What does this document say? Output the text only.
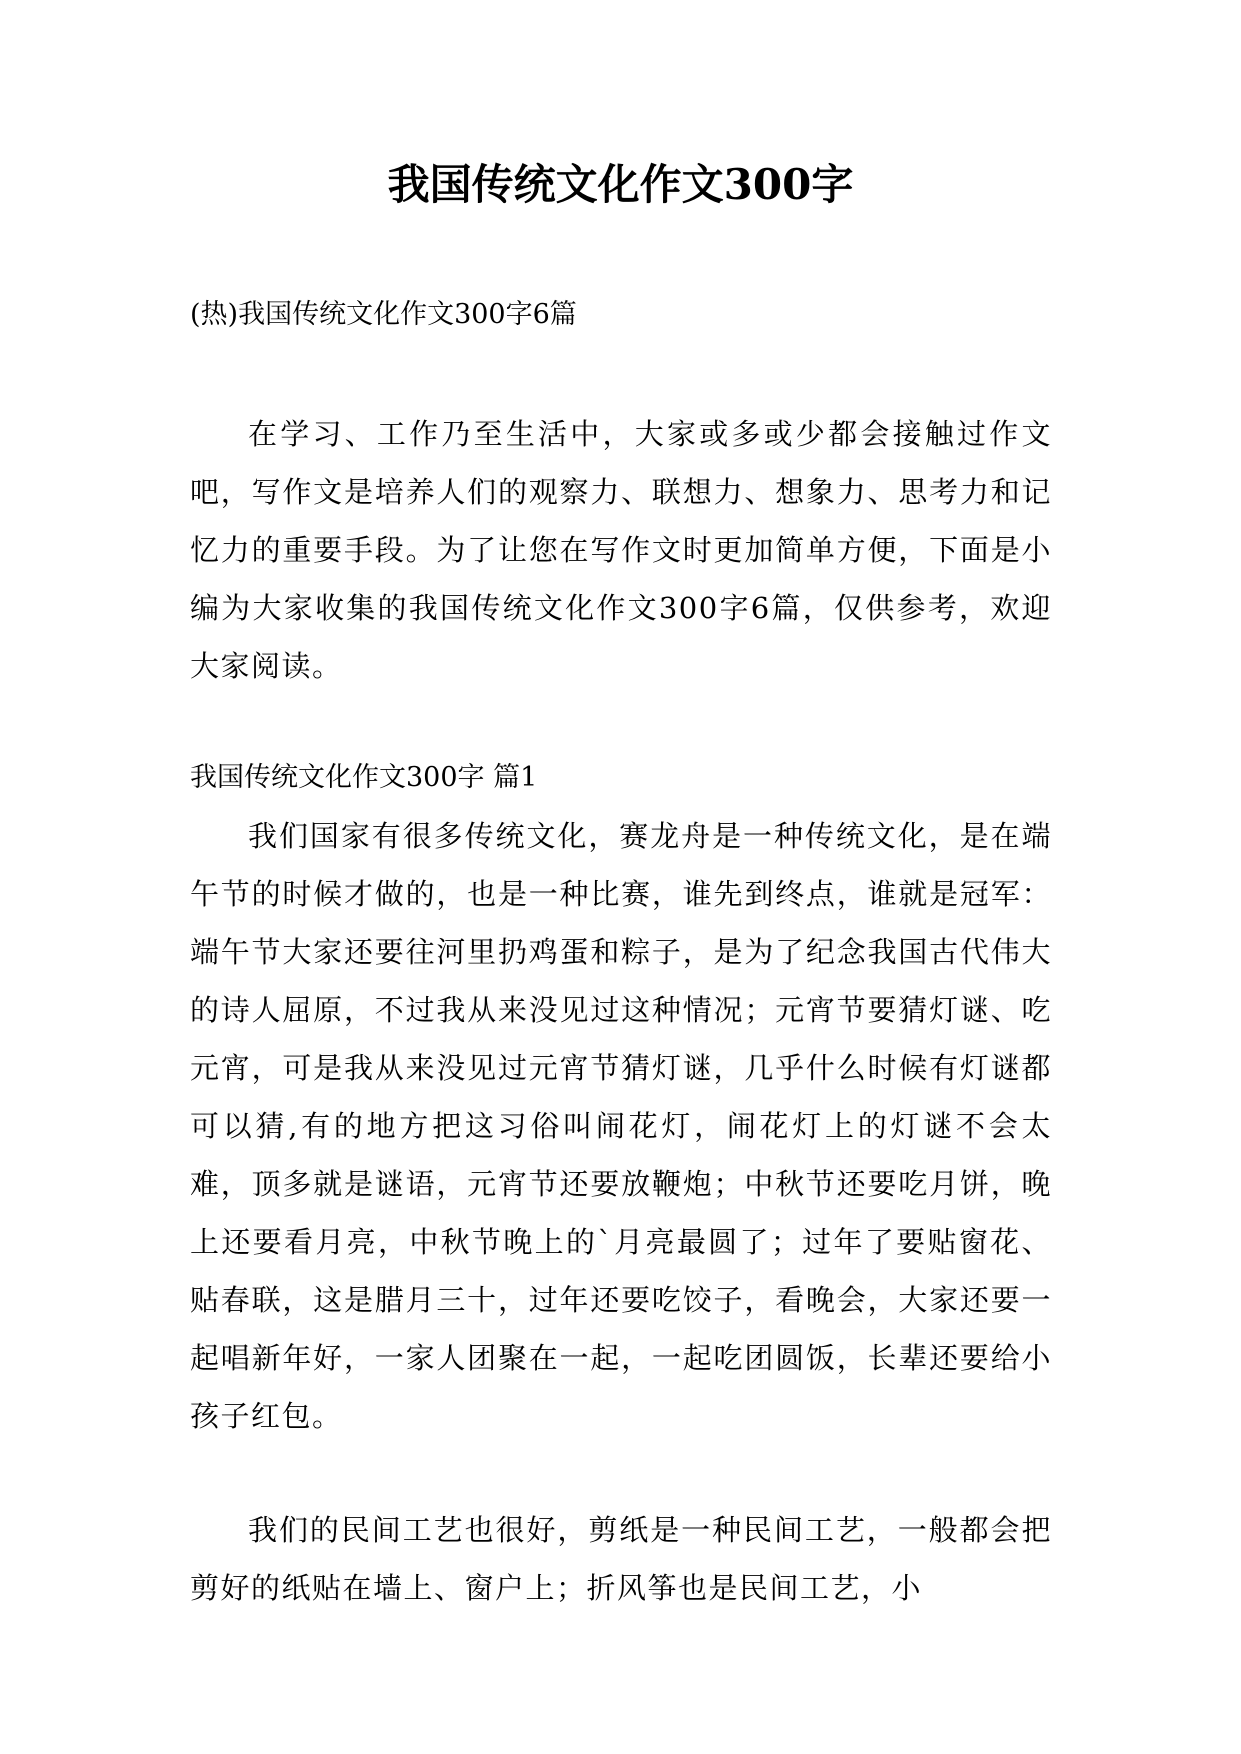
我国传统文化作文300字

(热)我国传统文化作文300字6篇

在学习、工作乃至生活中，大家或多或少都会接触过作文吧，写作文是培养人们的观察力、联想力、想象力、思考力和记忆力的重要手段。为了让您在写作文时更加简单方便，下面是小编为大家收集的我国传统文化作文300字6篇，仅供参考，欢迎大家阅读。

我国传统文化作文300字 篇1

我们国家有很多传统文化，赛龙舟是一种传统文化，是在端午节的时候才做的，也是一种比赛，谁先到终点，谁就是冠军：端午节大家还要往河里扔鸡蛋和粽子，是为了纪念我国古代伟大的诗人屈原，不过我从来没见过这种情况；元宵节要猜灯谜、吃元宵，可是我从来没见过元宵节猜灯谜，几乎什么时候有灯谜都可以猜,有的地方把这习俗叫闹花灯，闹花灯上的灯谜不会太难，顶多就是谜语，元宵节还要放鞭炮；中秋节还要吃月饼，晚上还要看月亮，中秋节晚上的`月亮最圆了；过年了要贴窗花、贴春联，这是腊月三十，过年还要吃饺子，看晚会，大家还要一起唱新年好，一家人团聚在一起，一起吃团圆饭，长辈还要给小孩子红包。

我们的民间工艺也很好，剪纸是一种民间工艺，一般都会把剪好的纸贴在墙上、窗户上；折风筝也是民间工艺，小
